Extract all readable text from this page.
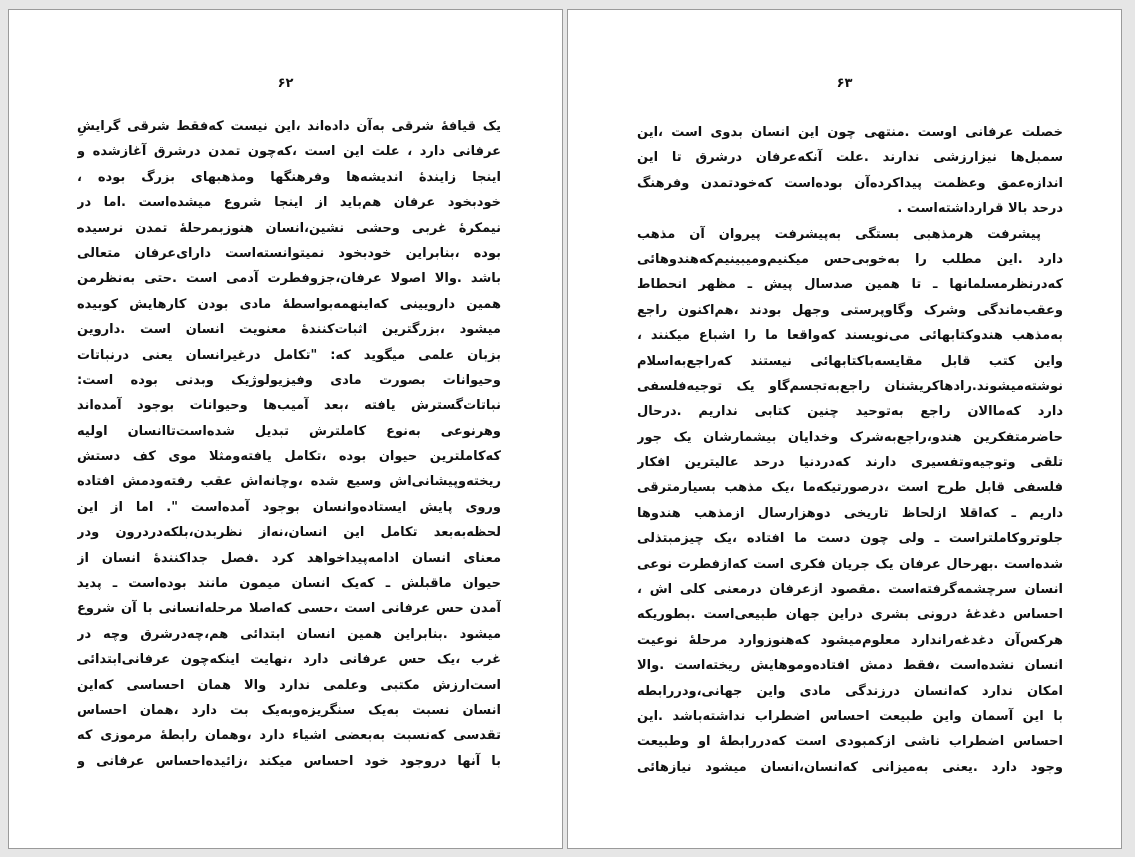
۶۲
یک قیافه‌ٔ شرقی به‌آن داده‌اند ،این نیست که‌فقط شرقی گرایشِ
عرفانی دارد ، علت این است ،که‌چون تمدن درشرق آغازشده و
اینجا زاینده‌ٔ اندیشه‌ها وفرهنگها ومذهبهای بزرگ بوده ،
خودبخود عرفان هم‌باید از اینجا شروع میشده‌است .اما در
نیمکره‌ٔ غربی وحشی نشین،انسان هنوزبمرحله‌ٔ تمدن نرسیده
بوده ،بنابراین خودبخود نمیتوانسته‌است دارای‌عرفان متعالی
باشد .والا اصولا عرفان،جزوفطرت آدمی است .حتی به‌نظرمن
همین دارویینی که‌اینهمه‌بواسطه‌ٔ مادی بودن کارهایش کوبیده
میشود ،بزرگترین اثبات‌کننده‌ٔ معنویت انسان است .داروین
بزبان علمی میگوید که: "تکامل درغیرانسان یعنی درنباتات
وحیوانات بصورت مادی وفیزیولوژیک وبدنی بوده است:
نباتات‌گسترش یافته ،بعد آمیب‌ها وحیوانات بوجود آمده‌اند
وهرنوعی به‌نوع کاملترش تبدیل شده‌است‌تاانسان اولیه
که‌کاملترین حیوان بوده ،تکامل یافته‌ومثلا موی کف دستش
ریخته‌وپیشانی‌اش وسیع شده ،وچانه‌اش عقب رفته‌ودمش افتاده
وروی پایش ایستاده‌وانسان بوجود آمده‌است ". اما از این
لحظه‌به‌بعد تکامل این انسان،نه‌از نظربدن،بلکه‌دردرون ودر
معنای انسان ادامه‌پیداخواهد کرد .فصل جداکننده‌ٔ انسان از
حیوان ماقبلش ـ که‌یک انسان میمون مانند بوده‌است ـ پدید
آمدن حس عرفانی است ،حسی که‌اصلا مرحله‌انسانی با آن شروع
میشود .بنابراین همین انسان ابتدائی هم،چه‌درشرق وچه در
غرب ،یک حس عرفانی دارد ،نهایت اینکه‌چون عرفانی‌ابتدائی
است‌ارزش مکتبی وعلمی ندارد والا همان احساسی که‌این
انسان نسبت به‌یک سنگریزه‌وبه‌یک بت دارد ،همان احساس
تقدسی که‌نسبت به‌بعضی اشیاء دارد ،وهمان رابطه‌ٔ مرموزی که
با آنها دروجود خود احساس میکند ،زائیده‌احساس عرفانی و
۶۳
خصلت عرفانی اوست .منتهی چون این انسان بدوی است ،این
سمبل‌ها نیزارزشی ندارند .علت آنکه‌عرفان درشرق تا این
اندازه‌عمق وعظمت پیداکرده‌آن بوده‌است که‌خودتمدن وفرهنگ
درحد بالا قرارداشته‌است .
پیشرفت هرمذهبی بستگی به‌پیشرفت پیروان آن مذهب
دارد .این مطلب را به‌خوبی‌حس میکنیم‌ومیبینیم‌که‌هندوهائی
که‌درنظرمسلمانها ـ تا همین صدسال پیش ـ مظهر انحطاط
وعقب‌ماندگی وشرک وگاوپرستی وجهل بودند ،هم‌اکنون راجع
به‌مذهب هندوکتابهائی می‌نویسند که‌واقعا ما را اشباع میکنند ،
واین کتب قابل مقایسه‌باکتابهائی نیستند که‌راجع‌به‌اسلام
نوشته‌میشوند.رادهاکریشنان راجع‌به‌تجسم‌گاو یک توجیه‌فلسفی
دارد که‌ماالان راجع به‌توحید چنین کتابی نداریم .درحال
حاضرمتفکرین هندو،راجع‌به‌شرک وخدایان بیشمارشان یک جور
تلقی وتوجیه‌وتفسیری دارند که‌دردنیا درحد عالیترین افکار
فلسفی قابل طرح است ،درصورتیکه‌ما ،یک مذهب بسیارمترقی
داریم ـ که‌اقلا ازلحاظ تاریخی دوهزارسال ازمذهب هندوها
جلوتروکاملتراست ـ ولی چون دست ما افتاده ،یک چیزمبتذلی
شده‌است .بهرحال عرفان یک جریان فکری است که‌ازفطرت نوعی
انسان سرچشمه‌گرفته‌است .مقصود ازعرفان درمعنی کلی اش ،
احساس دغدغه‌ٔ درونی بشری دراین جهان طبیعی‌است .بطوریکه
هرکس‌آن دغدغه‌راندارد معلوم‌میشود که‌هنوزوارد مرحله‌ٔ نوعیت
انسان نشده‌است ،فقط دمش افتاده‌وموهایش ریخته‌است .والا
امکان ندارد که‌انسان درزندگی مادی واین جهانی،ودررابطه
با این آسمان واین طبیعت احساس اضطراب نداشته‌باشد .این
احساس اضطراب ناشی ازکمبودی است که‌دررابطه‌ٔ او وطبیعت
وجود دارد .یعنی به‌میزانی که‌انسان،انسان میشود نیازهائی
